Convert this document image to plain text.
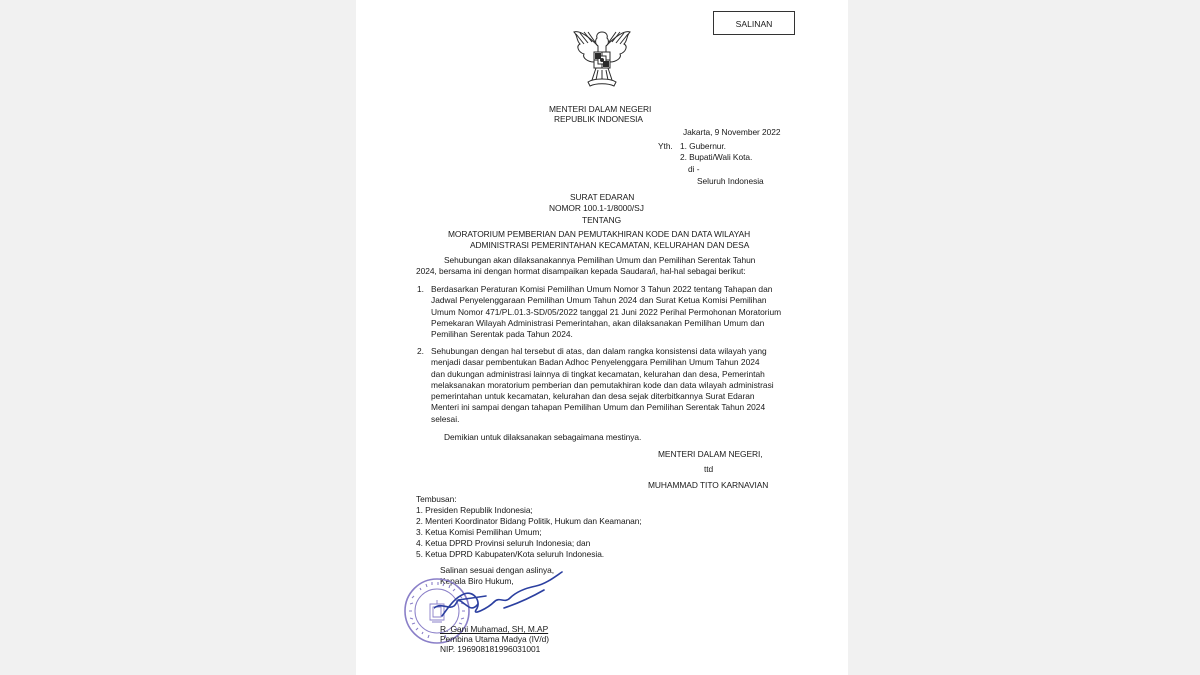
SALINAN
MENTERI DALAM NEGERI
REPUBLIK INDONESIA
Jakarta, 9 November 2022
Yth. 1. Gubernur.
2. Bupati/Wali Kota.
di -
Seluruh Indonesia
SURAT EDARAN
NOMOR 100.1-1/8000/SJ
TENTANG
MORATORIUM PEMBERIAN DAN PEMUTAKHIRAN KODE DAN DATA WILAYAH
ADMINISTRASI PEMERINTAHAN KECAMATAN, KELURAHAN DAN DESA
Sehubungan akan dilaksanakannya Pemilihan Umum dan Pemilihan Serentak Tahun
2024, bersama ini dengan hormat disampaikan kepada Saudara/i, hal-hal sebagai berikut:
1. Berdasarkan Peraturan Komisi Pemilihan Umum Nomor 3 Tahun 2022 tentang Tahapan dan
Jadwal Penyelenggaraan Pemilihan Umum Tahun 2024 dan Surat Ketua Komisi Pemilihan
Umum Nomor 471/PL.01.3-SD/05/2022 tanggal 21 Juni 2022 Perihal Permohonan Moratorium
Pemekaran Wilayah Administrasi Pemerintahan, akan dilaksanakan Pemilihan Umum dan
Pemilihan Serentak pada Tahun 2024.
2. Sehubungan dengan hal tersebut di atas, dan dalam rangka konsistensi data wilayah yang
menjadi dasar pembentukan Badan Adhoc Penyelenggara Pemilihan Umum Tahun 2024
dan dukungan administrasi lainnya di tingkat kecamatan, kelurahan dan desa, Pemerintah
melaksanakan moratorium pemberian dan pemutakhiran kode dan data wilayah administrasi
pemerintahan untuk kecamatan, kelurahan dan desa sejak diterbitkannya Surat Edaran
Menteri ini sampai dengan tahapan Pemilihan Umum dan Pemilihan Serentak Tahun 2024
selesai.
Demikian untuk dilaksanakan sebagaimana mestinya.
MENTERI DALAM NEGERI,
ttd
MUHAMMAD TITO KARNAVIAN
Tembusan:
1. Presiden Republik Indonesia;
2. Menteri Koordinator Bidang Politik, Hukum dan Keamanan;
3. Ketua Komisi Pemilihan Umum;
4. Ketua DPRD Provinsi seluruh Indonesia; dan
5. Ketua DPRD Kabupaten/Kota seluruh Indonesia.
Salinan sesuai dengan aslinya,
Kepala Biro Hukum,
R. Gani Muhamad, SH, M.AP
Pembina Utama Madya (IV/d)
NIP. 196908181996031001
